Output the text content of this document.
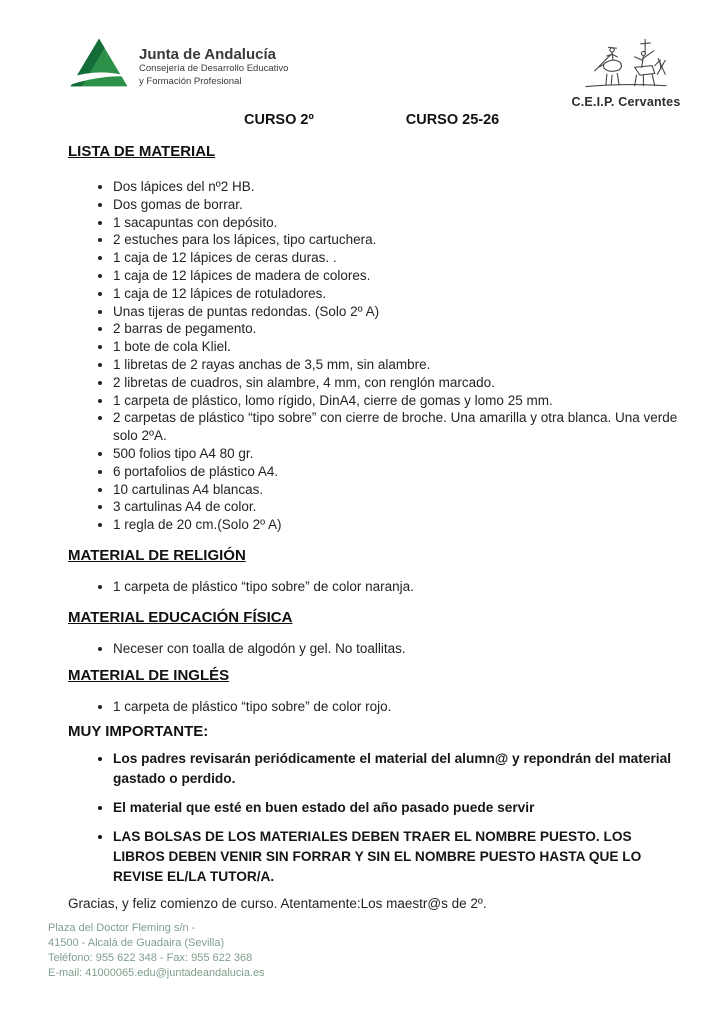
Junta de Andalucía
Consejería de Desarrollo Educativo
y Formación Profesional
C.E.I.P. Cervantes
CURSO 2º	CURSO 25-26
LISTA DE MATERIAL
• Dos lápices del nº2 HB.
• Dos gomas de borrar.
• 1 sacapuntas con depósito.
• 2 estuches para los lápices, tipo cartuchera.
• 1 caja de 12 lápices de ceras duras. .
• 1 caja de 12 lápices de madera de colores.
• 1 caja de 12 lápices de rotuladores.
• Unas tijeras de puntas redondas. (Solo 2º A)
• 2 barras de pegamento.
• 1 bote de cola Kliel.
• 1 libretas de 2 rayas anchas de 3,5 mm, sin alambre.
• 2 libretas de cuadros, sin alambre, 4 mm, con renglón marcado.
• 1 carpeta de plástico, lomo rígido, DinA4, cierre de gomas y lomo 25 mm.
• 2 carpetas de plástico “tipo sobre” con cierre de broche. Una amarilla y otra blanca. Una verde solo 2ºA.
• 500 folios tipo A4 80 gr.
• 6 portafolios de plástico A4.
• 10 cartulinas A4 blancas.
• 3 cartulinas A4 de color.
• 1 regla de 20 cm.(Solo 2º A)
MATERIAL DE RELIGIÓN
• 1 carpeta de plástico “tipo sobre” de color naranja.
MATERIAL EDUCACIÓN FÍSICA
• Neceser con toalla de algodón y gel. No toallitas.
MATERIAL DE INGLÉS
• 1 carpeta de plástico “tipo sobre” de color rojo.
MUY IMPORTANTE:
• Los padres revisarán periódicamente el material del alumn@ y repondrán del material gastado o perdido.
• El material que esté en buen estado del año pasado puede servir
• LAS BOLSAS DE LOS MATERIALES DEBEN TRAER EL NOMBRE PUESTO. LOS LIBROS DEBEN VENIR SIN FORRAR Y SIN EL NOMBRE PUESTO HASTA QUE LO REVISE EL/LA TUTOR/A.

Gracias, y feliz comienzo de curso. Atentamente:Los maestr@s de 2º.

Plaza del Doctor Fleming s/n -
41500 - Alcalá de Guadaira (Sevilla)
Teléfono: 955 622 348 - Fax: 955 622 368
E-mail: 41000065.edu@juntadeandalucia.es
